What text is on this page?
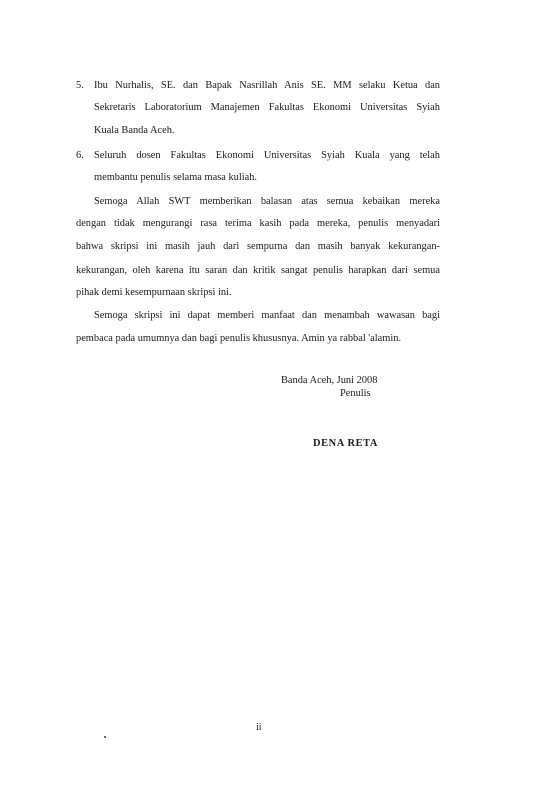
5. Ibu Nurhalis, SE. dan Bapak Nasrillah Anis SE. MM selaku Ketua dan
Sekretaris Laboratorium Manajemen Fakultas Ekonomi Universitas Syiah
Kuala Banda Aceh.
6. Seluruh dosen Fakultas Ekonomi Universitas Syiah Kuala yang telah
membantu penulis selama masa kuliah.
Semoga Allah SWT memberikan balasan atas semua kebaikan mereka
dengan tidak mengurangi rasa terima kasih pada mereka, penulis menyadari
bahwa skripsi ini masih jauh dari sempurna dan masih banyak kekurangan-
kekurangan, oleh karena itu saran dan kritik sangat penulis harapkan dari semua
pihak demi kesempurnaan skripsi ini.
Semoga skripsi ini dapat memberi manfaat dan menambah wawasan bagi
pembaca pada umumnya dan bagi penulis khususnya. Amin ya rabbal 'alamin.
Banda Aceh, Juni 2008
Penulis
DENA RETA
ii
